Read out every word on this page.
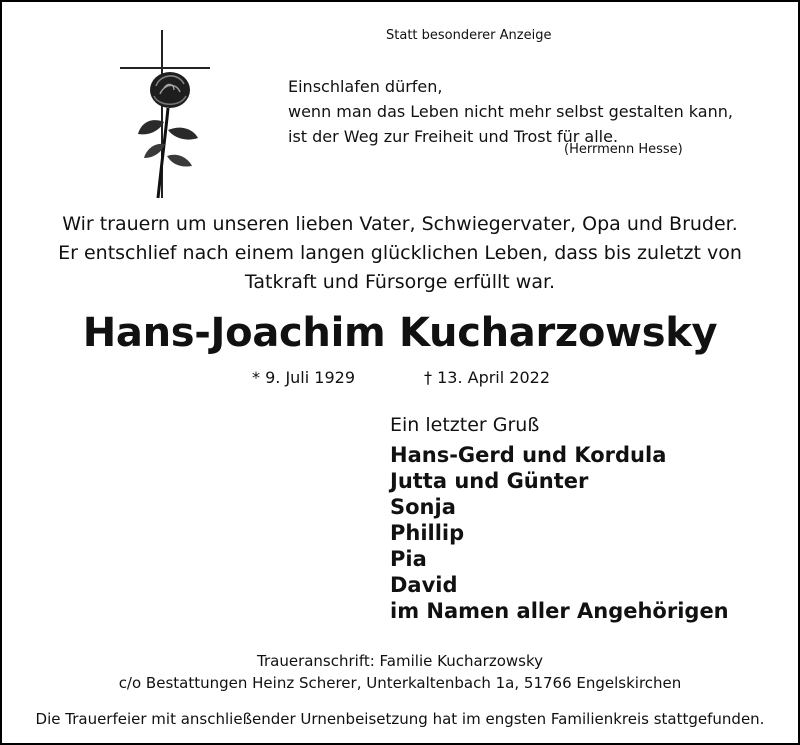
Statt besonderer Anzeige
Einschlafen dürfen,
wenn man das Leben nicht mehr selbst gestalten kann,
ist der Weg zur Freiheit und Trost für alle.
(Herrmenn Hesse)
Wir trauern um unseren lieben Vater, Schwiegervater, Opa und Bruder.
Er entschlief nach einem langen glücklichen Leben, dass bis zuletzt von
Tatkraft und Fürsorge erfüllt war.
Hans-Joachim Kucharzowsky
* 9. Juli 1929	† 13. April 2022
Ein letzter Gruß
Hans-Gerd und Kordula
Jutta und Günter
Sonja
Phillip
Pia
David
im Namen aller Angehörigen
Traueranschrift: Familie Kucharzowsky
c/o Bestattungen Heinz Scherer, Unterkaltenbach 1a, 51766 Engelskirchen
Die Trauerfeier mit anschließender Urnenbeisetzung hat im engsten Familienkreis stattgefunden.
